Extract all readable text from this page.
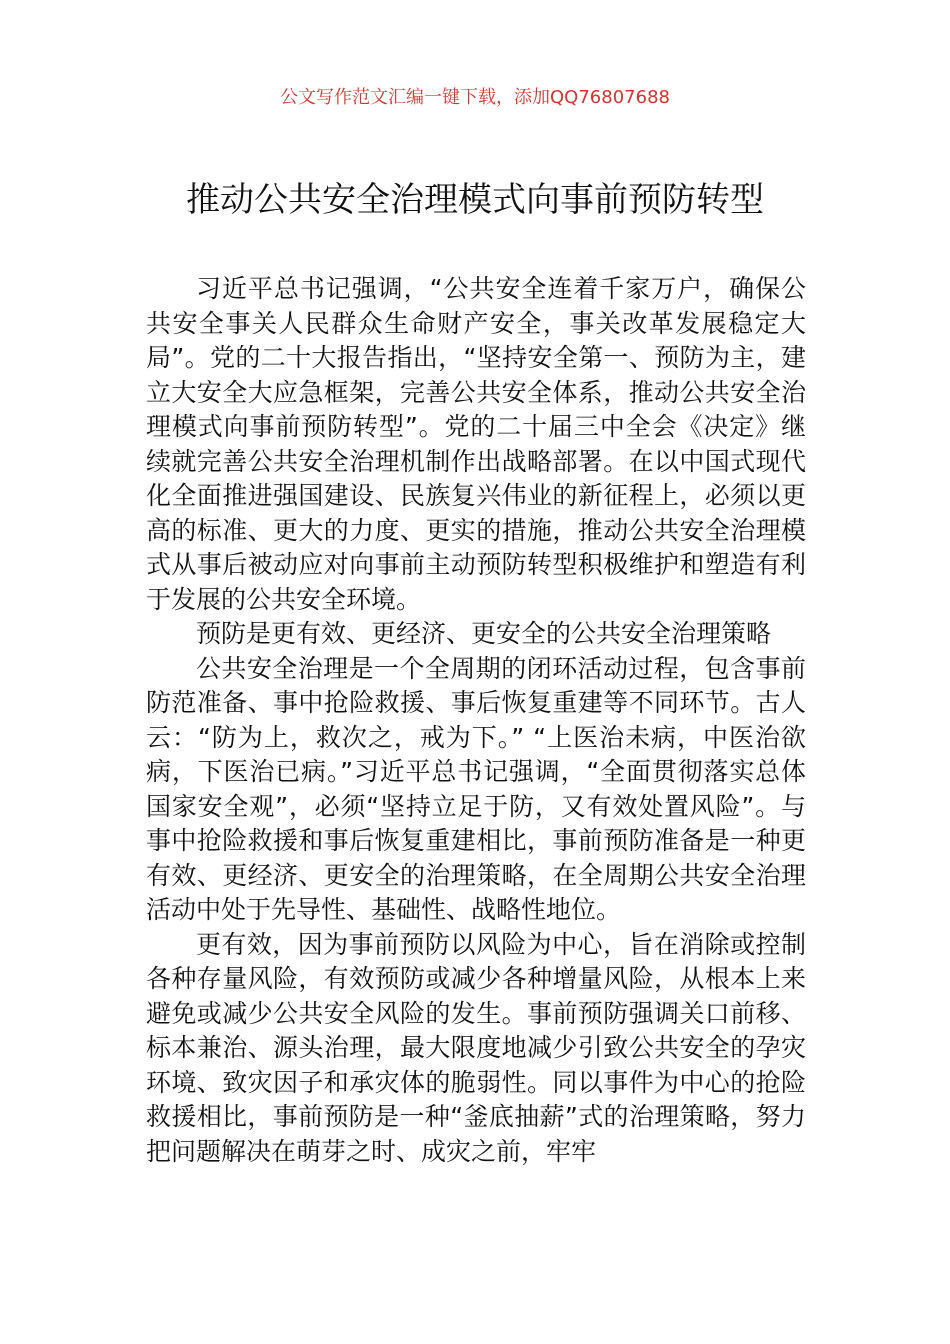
公文写作范文汇编一键下载，添加QQ76807688
推动公共安全治理模式向事前预防转型

习近平总书记强调，“公共安全连着千家万户，确保公共安全事关人民群众生命财产安全，事关改革发展稳定大局”。党的二十大报告指出，“坚持安全第一、预防为主，建立大安全大应急框架，完善公共安全体系，推动公共安全治理模式向事前预防转型”。党的二十届三中全会《决定》继续就完善公共安全治理机制作出战略部署。在以中国式现代化全面推进强国建设、民族复兴伟业的新征程上，必须以更高的标准、更大的力度、更实的措施，推动公共安全治理模式从事后被动应对向事前主动预防转型积极维护和塑造有利于发展的公共安全环境。

预防是更有效、更经济、更安全的公共安全治理策略

公共安全治理是一个全周期的闭环活动过程，包含事前防范准备、事中抢险救援、事后恢复重建等不同环节。古人云：“防为上，救次之，戒为下。” “上医治未病，中医治欲病，下医治已病。”习近平总书记强调，“全面贯彻落实总体国家安全观”，必须“坚持立足于防，又有效处置风险”。与事中抢险救援和事后恢复重建相比，事前预防准备是一种更有效、更经济、更安全的治理策略，在全周期公共安全治理活动中处于先导性、基础性、战略性地位。

更有效，因为事前预防以风险为中心，旨在消除或控制各种存量风险，有效预防或减少各种增量风险，从根本上来避免或减少公共安全风险的发生。事前预防强调关口前移、标本兼治、源头治理，最大限度地减少引致公共安全的孕灾环境、致灾因子和承灾体的脆弱性。同以事件为中心的抢险救援相比，事前预防是一种“釜底抽薪”式的治理策略，努力把问题解决在萌芽之时、成灾之前，牢牢
